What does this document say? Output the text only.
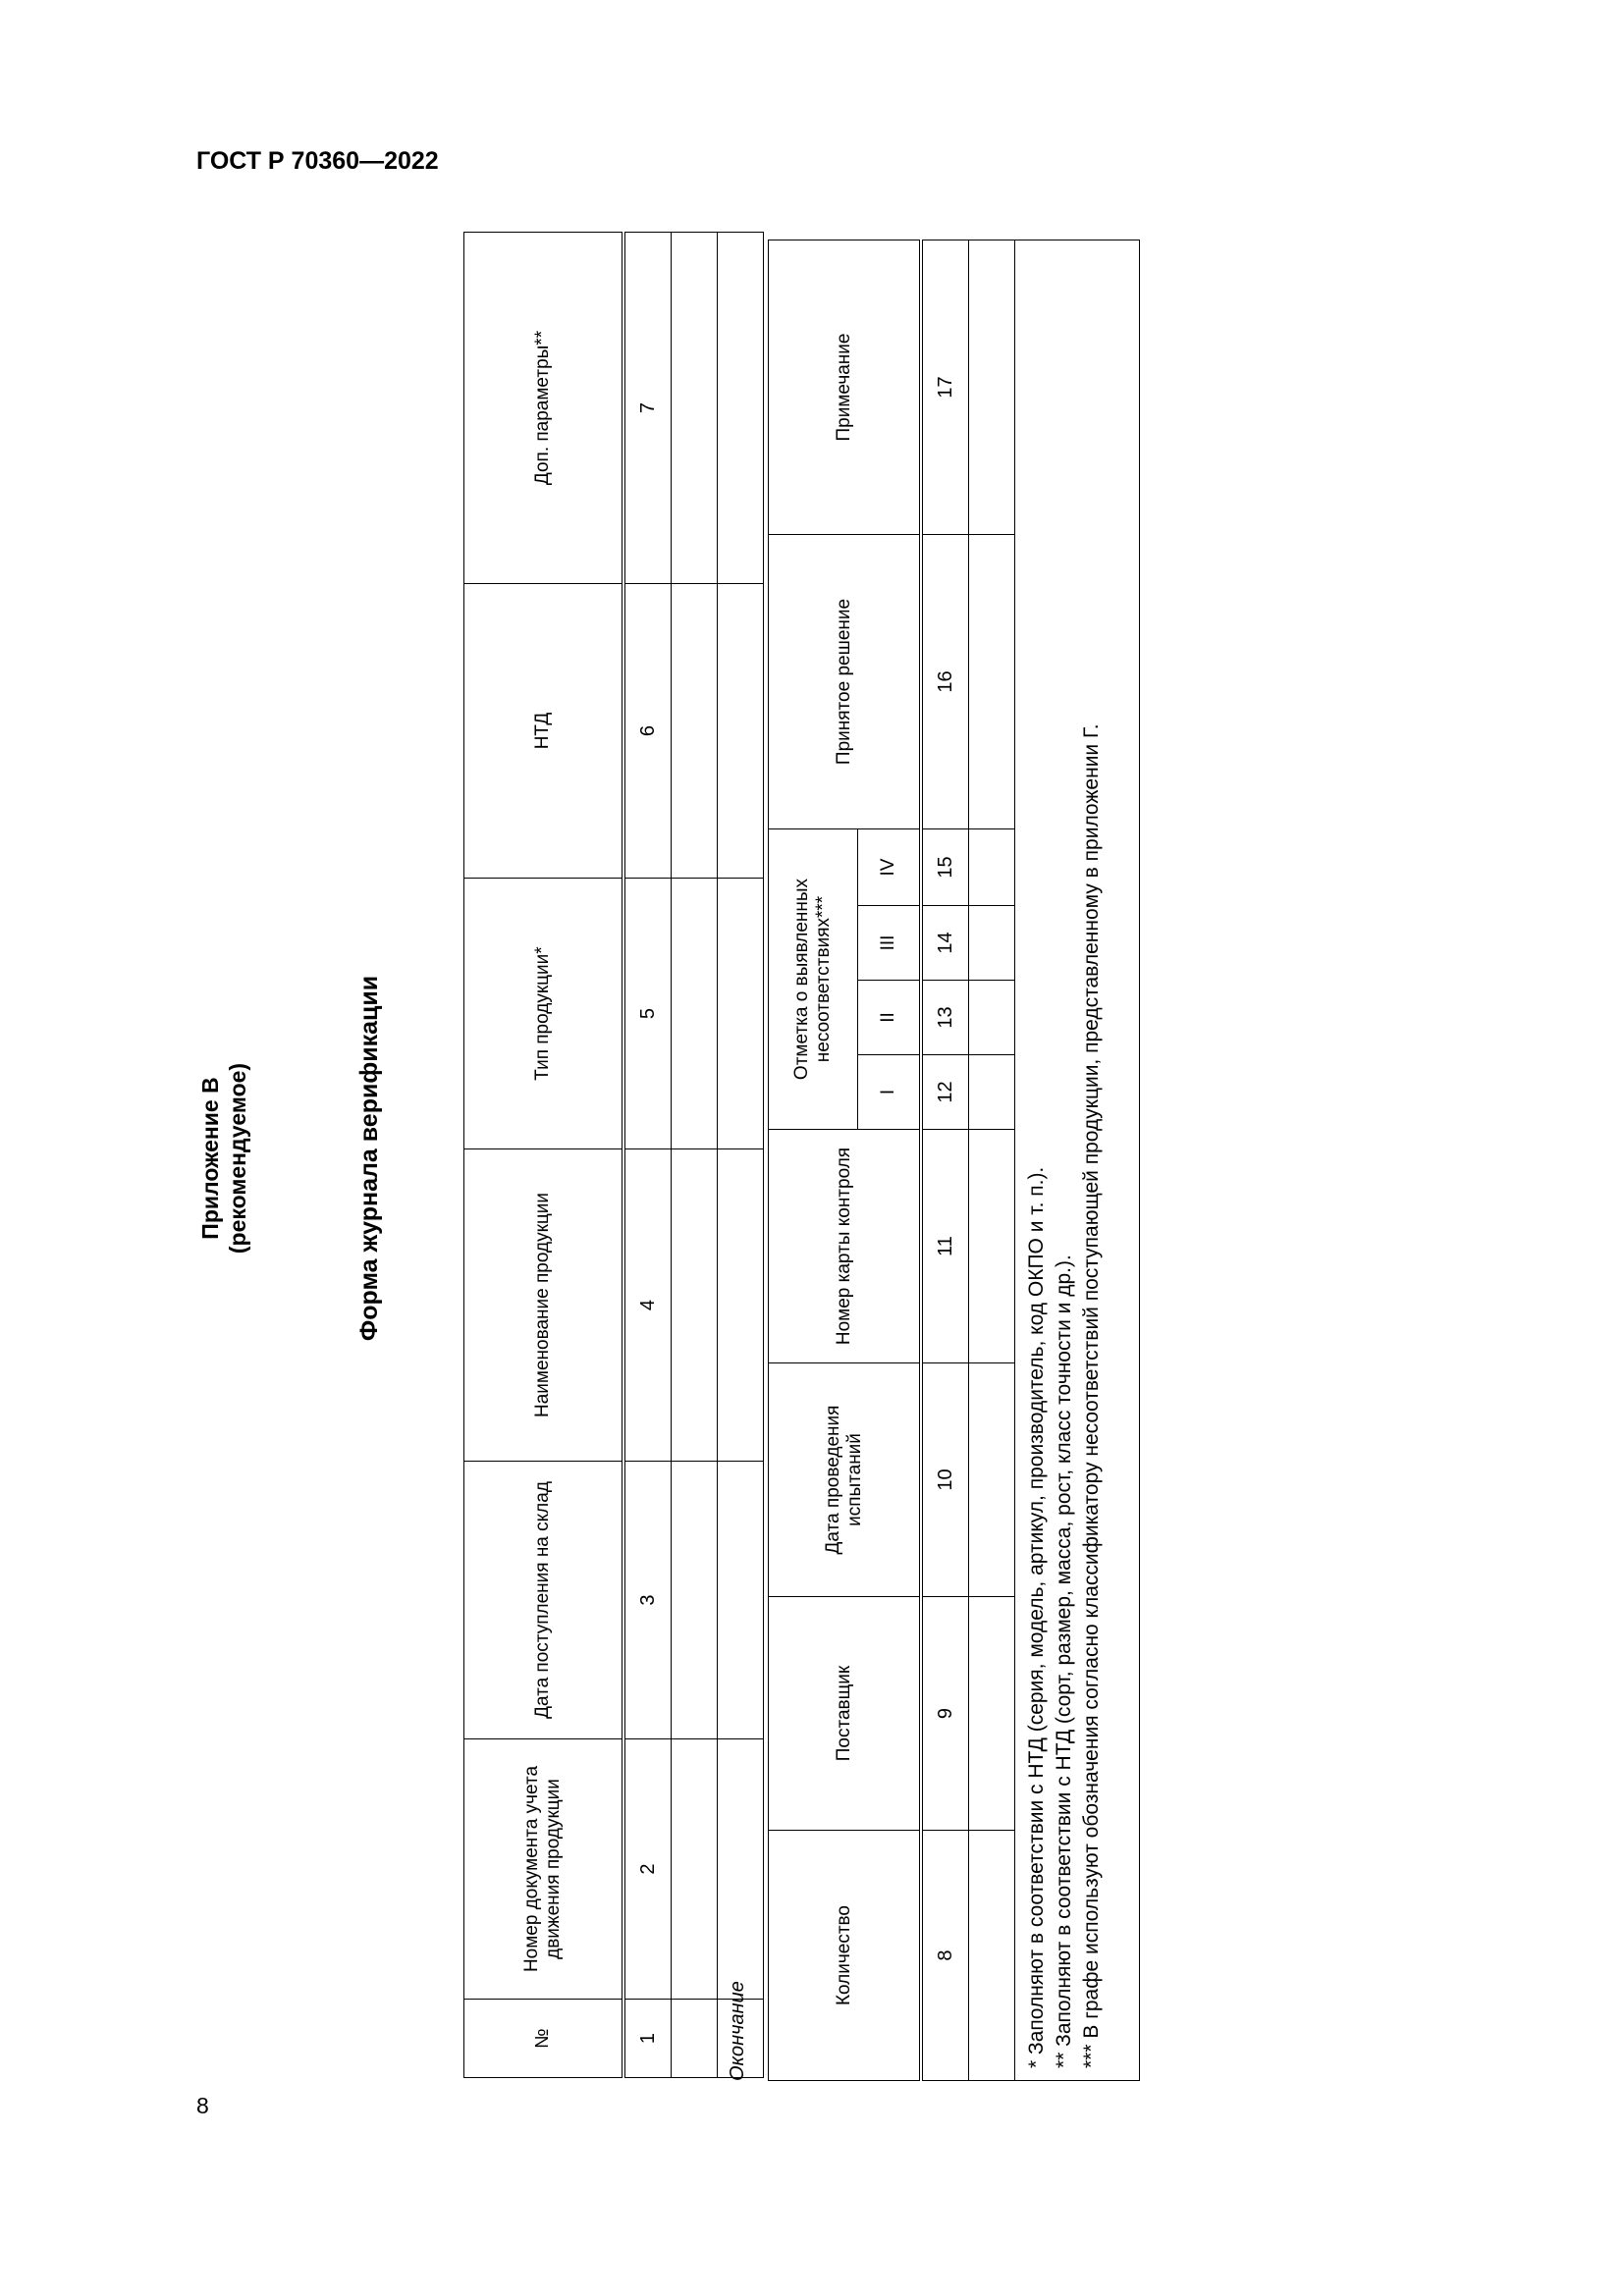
ГОСТ Р 70360—2022
8
Приложение В (рекомендуемое)	Форма журнала верификации
№	Номер документа учета движения продукции	Дата поступления на склад	Наименование продукции	Тип продукции*	НТД	Доп. параметры**
1	2	3	4	5	6	7

Окончание
Количество	Поставщик	Дата проведения испытаний	Номер карты контроля	Отметка о выявленных несоответствиях***				Принятое решение	Примечание
				I	II	III	IV		
8	9	10	11	12	13	14	15	16	17

* Заполняют в соответствии с НТД (серия, модель, артикул, производитель, код ОКПО и т. п.). ** Заполняют в соответствии с НТД (сорт, размер, масса, рост, класс точности и др.). *** В графе используют обозначения согласно классификатору несоответствий поступающей продукции, представленному в приложении Г.									
